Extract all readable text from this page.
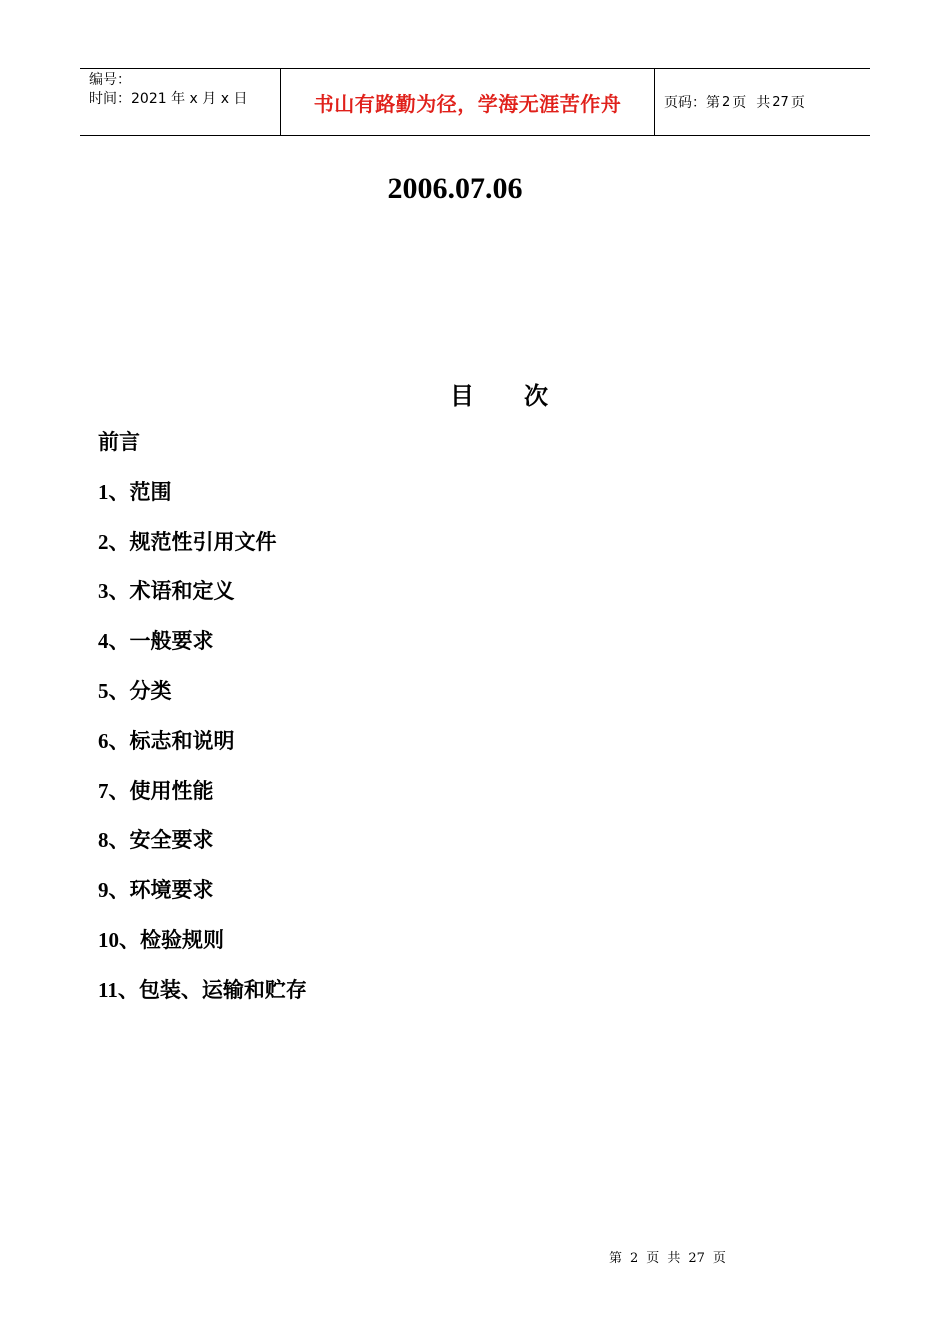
编号：
时间：2021 年 x 月 x 日	书山有路勤为径，学海无涯苦作舟	页码：第 2 页 共 27 页
2006.07.06
目 次
前言
1、范围
2、规范性引用文件
3、术语和定义
4、一般要求
5、分类
6、标志和说明
7、使用性能
8、安全要求
9、环境要求
10、检验规则
11、包装、运输和贮存
第 2 页 共 27 页
